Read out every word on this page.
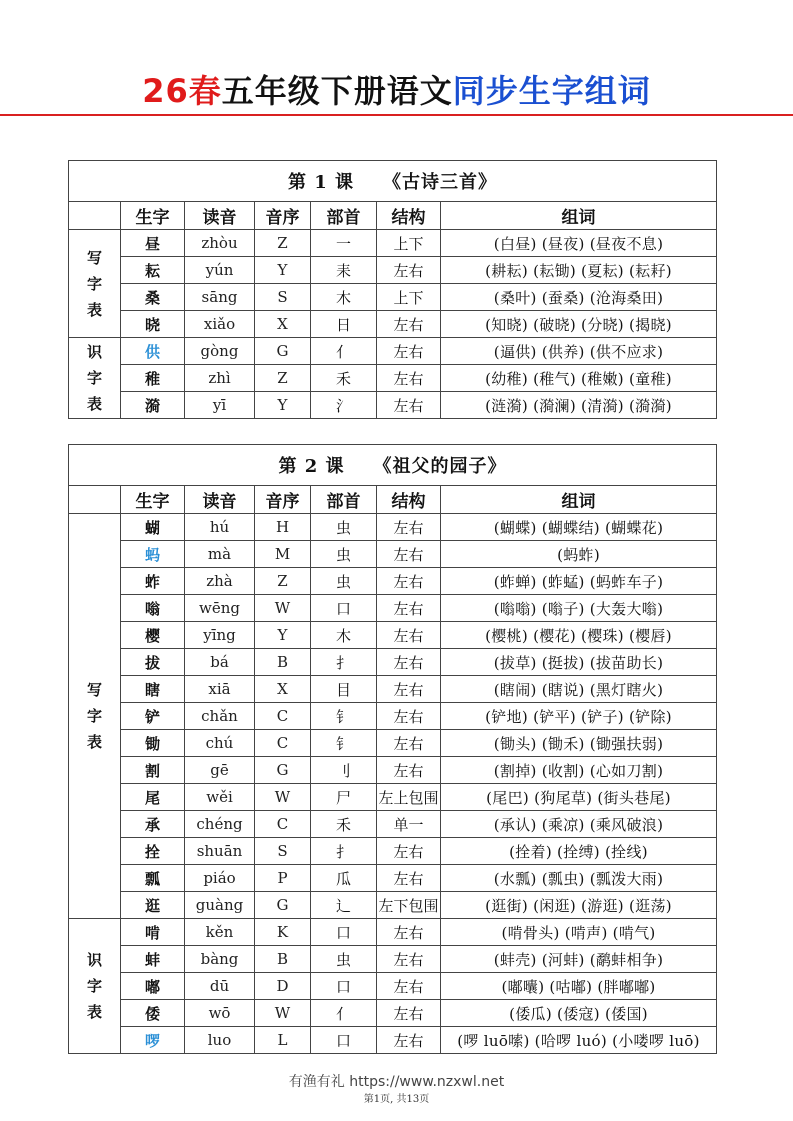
26春五年级下册语文同步生字组词
第 1 课　　《古诗三首》						
	生字	读音	音序	部首	结构	组词
写字表	昼	zhòu	Z	一	上下	(白昼) (昼夜) (昼夜不息)
	耘	yún	Y	耒	左右	(耕耘) (耘锄) (夏耘) (耘耔)
	桑	sāng	S	木	上下	(桑叶) (蚕桑) (沧海桑田)
	晓	xiǎo	X	日	左右	(知晓) (破晓) (分晓) (揭晓)
识字表	供	gòng	G	亻	左右	(逼供) (供养) (供不应求)
	稚	zhì	Z	禾	左右	(幼稚) (稚气) (稚嫩) (童稚)
	漪	yī	Y	氵	左右	(涟漪) (漪澜) (清漪) (漪漪)
第 2 课　　《祖父的园子》						
	生字	读音	音序	部首	结构	组词
写字表	蝴	hú	H	虫	左右	(蝴蝶) (蝴蝶结) (蝴蝶花)
	蚂	mà	M	虫	左右	(蚂蚱)
	蚱	zhà	Z	虫	左右	(蚱蝉) (蚱蜢) (蚂蚱车子)
	嗡	wēng	W	口	左右	(嗡嗡) (嗡子) (大轰大嗡)
	樱	yīng	Y	木	左右	(樱桃) (樱花) (樱珠) (樱唇)
	拔	bá	B	扌	左右	(拔草) (挺拔) (拔苗助长)
	瞎	xiā	X	目	左右	(瞎闹) (瞎说) (黑灯瞎火)
	铲	chǎn	C	钅	左右	(铲地) (铲平) (铲子) (铲除)
	锄	chú	C	钅	左右	(锄头) (锄禾) (锄强扶弱)
	割	gē	G	刂	左右	(割掉) (收割) (心如刀割)
	尾	wěi	W	尸	左上包围	(尾巴) (狗尾草) (街头巷尾)
	承	chéng	C	禾	单一	(承认) (乘凉) (乘风破浪)
	拴	shuān	S	扌	左右	(拴着) (拴缚) (拴线)
	瓢	piáo	P	瓜	左右	(水瓢) (瓢虫) (瓢泼大雨)
	逛	guàng	G	辶	左下包围	(逛街) (闲逛) (游逛) (逛荡)
识字表	啃	kěn	K	口	左右	(啃骨头) (啃声) (啃气)
	蚌	bàng	B	虫	左右	(蚌壳) (河蚌) (鹬蚌相争)
	嘟	dū	D	口	左右	(嘟囔) (咕嘟) (胖嘟嘟)
	倭	wō	W	亻	左右	(倭瓜) (倭寇) (倭国)
	啰	luo	L	口	左右	(啰 luō嗦) (哈啰 luó) (小喽啰 luō)
有渔有礼 https://www.nzxwl.net
第1页, 共13页
